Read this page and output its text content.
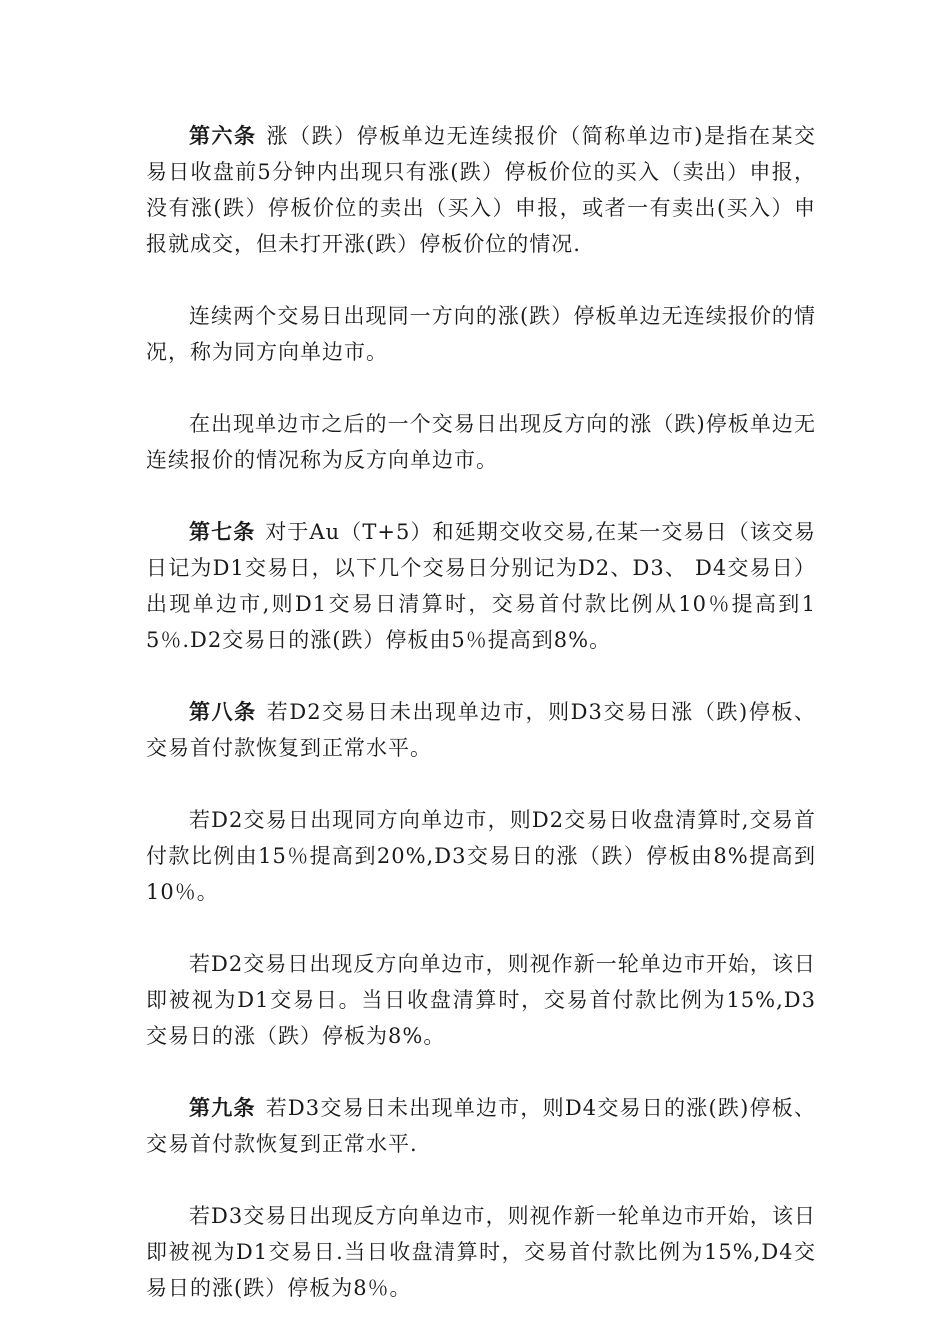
第六条 涨（跌）停板单边无连续报价（简称单边市)是指在某交易日收盘前5分钟内出现只有涨(跌）停板价位的买入（卖出）申报，没有涨(跌）停板价位的卖出（买入）申报，或者一有卖出(买入）申报就成交，但未打开涨(跌）停板价位的情况.

连续两个交易日出现同一方向的涨(跌）停板单边无连续报价的情况，称为同方向单边市。

在出现单边市之后的一个交易日出现反方向的涨（跌)停板单边无连续报价的情况称为反方向单边市。

第七条 对于Au（T+5）和延期交收交易,在某一交易日（该交易日记为D1交易日，以下几个交易日分别记为D2、D3、 D4交易日）出现单边市,则D1交易日清算时，交易首付款比例从10％提高到15％.D2交易日的涨(跌）停板由5％提高到8%。

第八条 若D2交易日未出现单边市，则D3交易日涨（跌)停板、交易首付款恢复到正常水平。

若D2交易日出现同方向单边市，则D2交易日收盘清算时,交易首付款比例由15％提高到20%,D3交易日的涨（跌）停板由8%提高到10％。

若D2交易日出现反方向单边市，则视作新一轮单边市开始，该日即被视为D1交易日。当日收盘清算时，交易首付款比例为15%,D3交易日的涨（跌）停板为8%。

第九条 若D3交易日未出现单边市，则D4交易日的涨(跌)停板、交易首付款恢复到正常水平.

若D3交易日出现反方向单边市，则视作新一轮单边市开始，该日即被视为D1交易日.当日收盘清算时，交易首付款比例为15%,D4交易日的涨(跌）停板为8％。
